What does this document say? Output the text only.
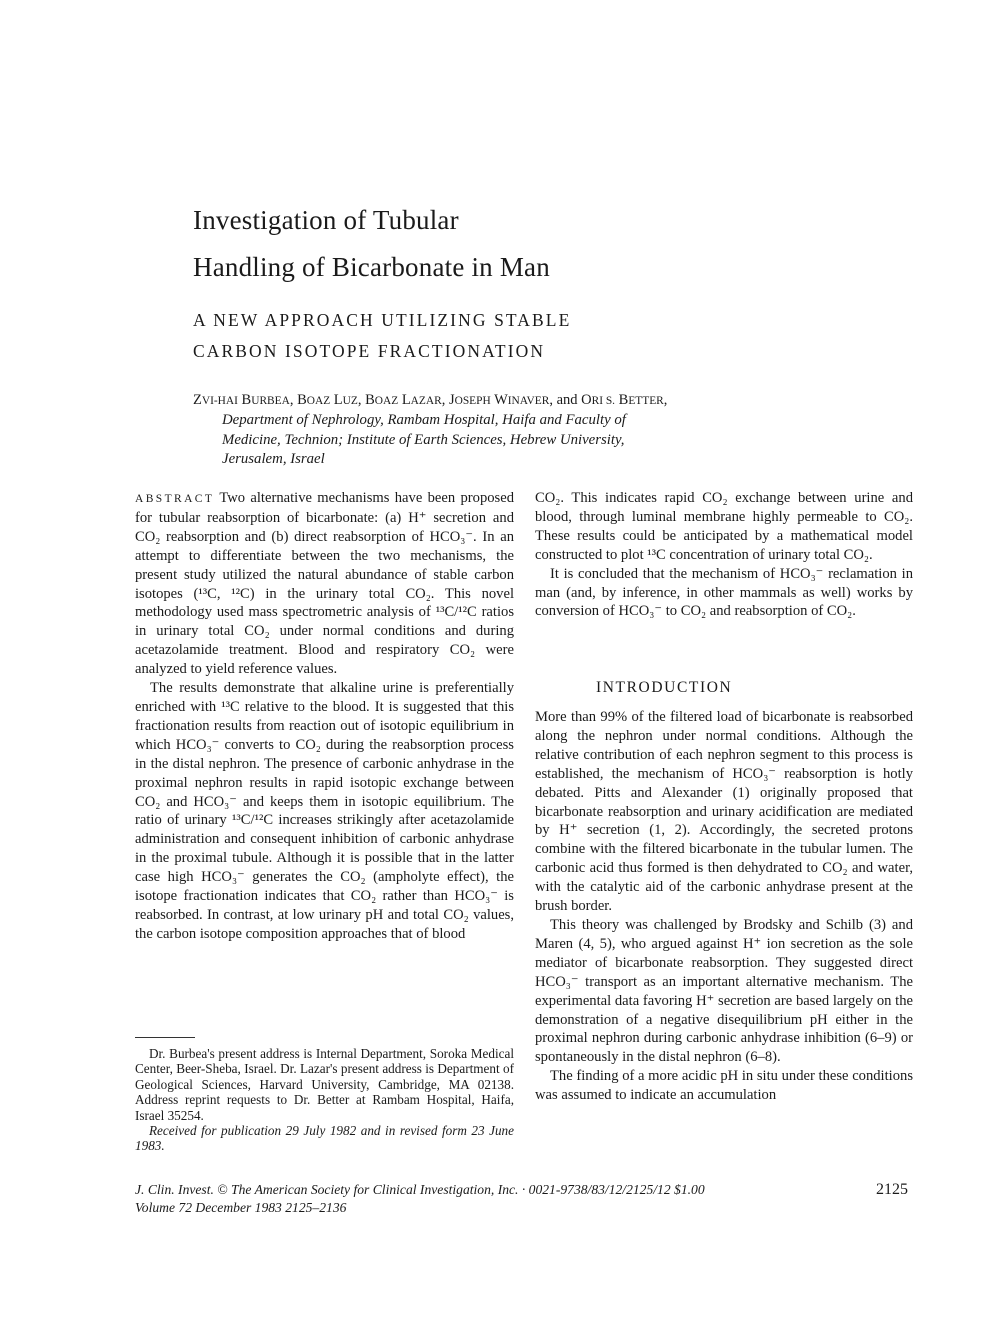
Investigation of Tubular
Handling of Bicarbonate in Man
A NEW APPROACH UTILIZING STABLE
CARBON ISOTOPE FRACTIONATION
ZVI-HAI BURBEA, BOAZ LUZ, BOAZ LAZAR, JOSEPH WINAVER, and ORI S. BETTER,
Department of Nephrology, Rambam Hospital, Haifa and Faculty of
Medicine, Technion; Institute of Earth Sciences, Hebrew University,
Jerusalem, Israel

ABSTRACT Two alternative mechanisms have been proposed for tubular reabsorption of bicarbonate: (a) H⁺ secretion and CO₂ reabsorption and (b) direct reabsorption of HCO₃⁻. In an attempt to differentiate between the two mechanisms, the present study utilized the natural abundance of stable carbon isotopes (¹³C, ¹²C) in the urinary total CO₂. This novel methodology used mass spectrometric analysis of ¹³C/¹²C ratios in urinary total CO₂ under normal conditions and during acetazolamide treatment. Blood and respiratory CO₂ were analyzed to yield reference values.

The results demonstrate that alkaline urine is preferentially enriched with ¹³C relative to the blood. It is suggested that this fractionation results from reaction out of isotopic equilibrium in which HCO₃⁻ converts to CO₂ during the reabsorption process in the distal nephron. The presence of carbonic anhydrase in the proximal nephron results in rapid isotopic exchange between CO₂ and HCO₃⁻ and keeps them in isotopic equilibrium. The ratio of urinary ¹³C/¹²C increases strikingly after acetazolamide administration and consequent inhibition of carbonic anhydrase in the proximal tubule. Although it is possible that in the latter case high HCO₃⁻ generates the CO₂ (ampholyte effect), the isotope fractionation indicates that CO₂ rather than HCO₃⁻ is reabsorbed. In contrast, at low urinary pH and total CO₂ values, the carbon isotope composition approaches that of blood

Dr. Burbea's present address is Internal Department, Soroka Medical Center, Beer-Sheba, Israel. Dr. Lazar's present address is Department of Geological Sciences, Harvard University, Cambridge, MA 02138. Address reprint requests to Dr. Better at Rambam Hospital, Haifa, Israel 35254.

Received for publication 29 July 1982 and in revised form 23 June 1983.

CO₂. This indicates rapid CO₂ exchange between urine and blood, through luminal membrane highly permeable to CO₂. These results could be anticipated by a mathematical model constructed to plot ¹³C concentration of urinary total CO₂.

It is concluded that the mechanism of HCO₃⁻ reclamation in man (and, by inference, in other mammals as well) works by conversion of HCO₃⁻ to CO₂ and reabsorption of CO₂.

INTRODUCTION

More than 99% of the filtered load of bicarbonate is reabsorbed along the nephron under normal conditions. Although the relative contribution of each nephron segment to this process is established, the mechanism of HCO₃⁻ reabsorption is hotly debated. Pitts and Alexander (1) originally proposed that bicarbonate reabsorption and urinary acidification are mediated by H⁺ secretion (1, 2). Accordingly, the secreted protons combine with the filtered bicarbonate in the tubular lumen. The carbonic acid thus formed is then dehydrated to CO₂ and water, with the catalytic aid of the carbonic anhydrase present at the brush border.

This theory was challenged by Brodsky and Schilb (3) and Maren (4, 5), who argued against H⁺ ion secretion as the sole mediator of bicarbonate reabsorption. They suggested direct HCO₃⁻ transport as an important alternative mechanism. The experimental data favoring H⁺ secretion are based largely on the demonstration of a negative disequilibrium pH either in the proximal nephron during carbonic anhydrase inhibition (6–9) or spontaneously in the distal nephron (6–8).

The finding of a more acidic pH in situ under these conditions was assumed to indicate an accumulation

J. Clin. Invest. © The American Society for Clinical Investigation, Inc. · 0021-9738/83/12/2125/12 $1.00
Volume 72 December 1983 2125–2136
2125
